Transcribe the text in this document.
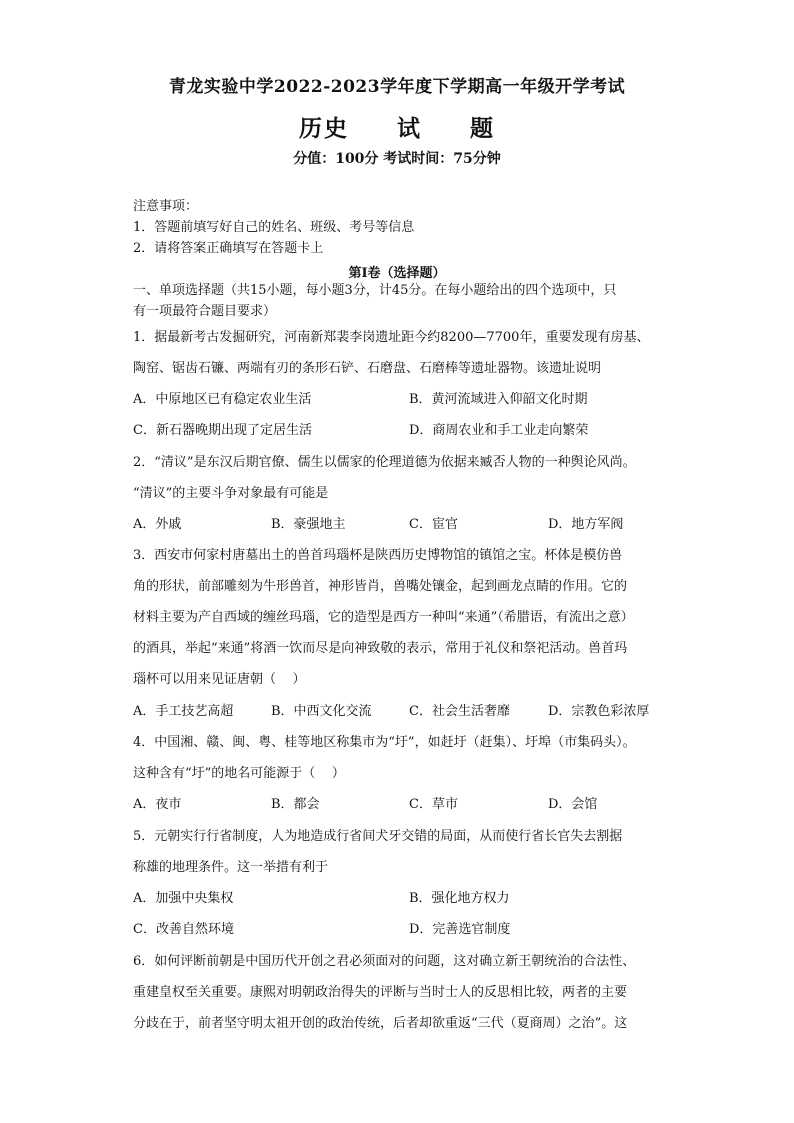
青龙实验中学2022-2023学年度下学期高一年级开学考试
历史  试  题
分值：100分 考试时间：75分钟
注意事项：
1．答题前填写好自己的姓名、班级、考号等信息
2．请将答案正确填写在答题卡上
第I卷（选择题）
一、单项选择题（共15小题，每小题3分，计45分。在每小题给出的四个选项中，只
有一项最符合题目要求）
1．据最新考古发掘研究，河南新郑裴李岗遗址距今约8200—7700年，重要发现有房基、
陶窑、锯齿石镰、两端有刃的条形石铲、石磨盘、石磨棒等遗址器物。该遗址说明
A．中原地区已有稳定农业生活	B．黄河流域进入仰韶文化时期
C．新石器晚期出现了定居生活	D．商周农业和手工业走向繁荣
2．“清议”是东汉后期官僚、儒生以儒家的伦理道德为依据来臧否人物的一种舆论风尚。
“清议”的主要斗争对象最有可能是
A．外戚	B．豪强地主	C．宦官	D．地方军阀
3．西安市何家村唐墓出土的兽首玛瑙杯是陕西历史博物馆的镇馆之宝。杯体是模仿兽
角的形状，前部雕刻为牛形兽首，神形皆肖，兽嘴处镶金，起到画龙点睛的作用。它的
材料主要为产自西域的缠丝玛瑙，它的造型是西方一种叫“来通”（希腊语，有流出之意）
的酒具，举起“来通”将酒一饮而尽是向神致敬的表示，常用于礼仪和祭祀活动。兽首玛
瑙杯可以用来见证唐朝（    ）
A．手工技艺高超	B．中西文化交流	C．社会生活奢靡	D．宗教色彩浓厚
4．中国湘、赣、闽、粤、桂等地区称集市为“圩”，如赶圩（赶集）、圩埠（市集码头）。
这种含有“圩”的地名可能源于（    ）
A．夜市	B．都会	C．草市	D．会馆
5．元朝实行行省制度，人为地造成行省间犬牙交错的局面，从而使行省长官失去割据
称雄的地理条件。这一举措有利于
A．加强中央集权	B．强化地方权力
C．改善自然环境	D．完善选官制度
6．如何评断前朝是中国历代开创之君必须面对的问题，这对确立新王朝统治的合法性、
重建皇权至关重要。康熙对明朝政治得失的评断与当时士人的反思相比较，两者的主要
分歧在于，前者坚守明太祖开创的政治传统，后者却欲重返“三代（夏商周）之治”。这
